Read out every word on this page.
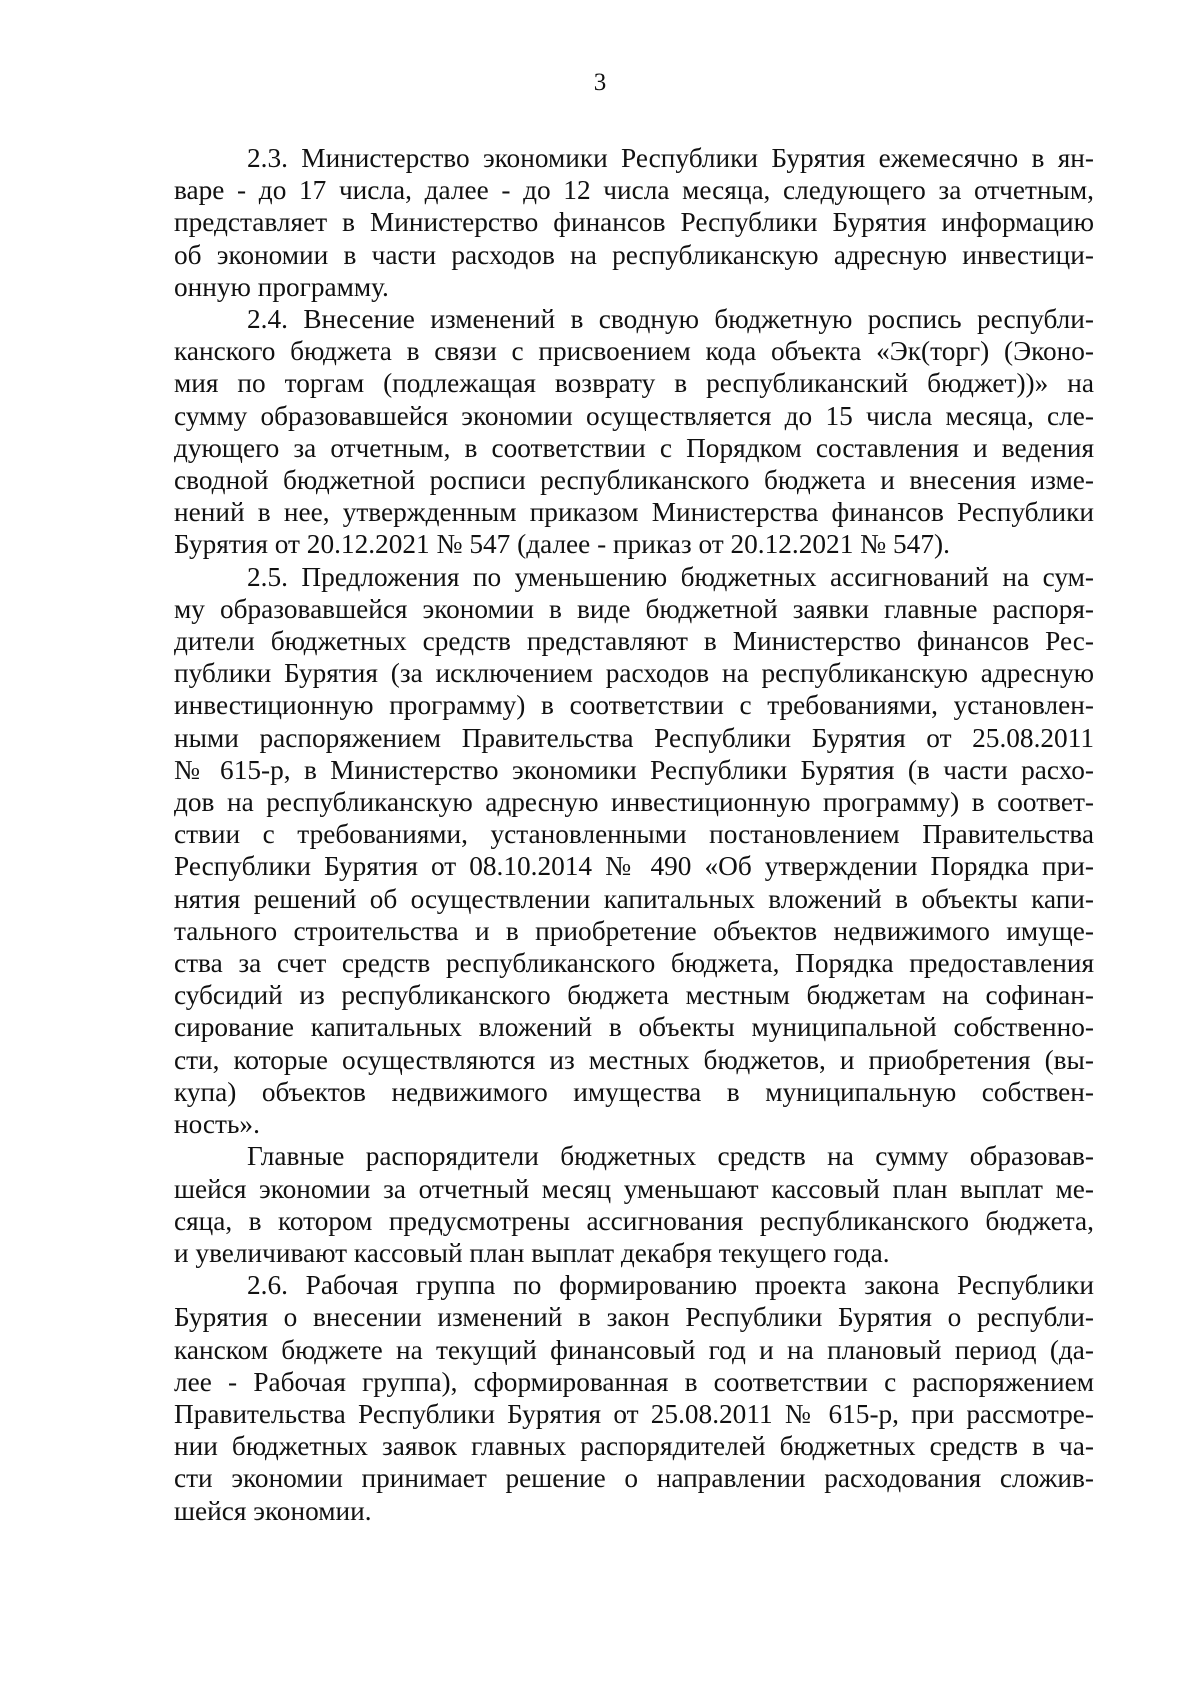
3

2.3. Министерство экономики Республики Бурятия ежемесячно в ян-
варе - до 17 числа, далее - до 12 числа месяца, следующего за отчетным,
представляет в Министерство финансов Республики Бурятия информацию
об экономии в части расходов на республиканскую адресную инвестици-
онную программу.

2.4. Внесение изменений в сводную бюджетную роспись республи-
канского бюджета в связи с присвоением кода объекта «Эк(торг) (Эконо-
мия по торгам (подлежащая возврату в республиканский бюджет))» на
сумму образовавшейся экономии осуществляется до 15 числа месяца, сле-
дующего за отчетным, в соответствии с Порядком составления и ведения
сводной бюджетной росписи республиканского бюджета и внесения изме-
нений в нее, утвержденным приказом Министерства финансов Республики
Бурятия от 20.12.2021 № 547 (далее - приказ от 20.12.2021 № 547).

2.5. Предложения по уменьшению бюджетных ассигнований на сум-
му образовавшейся экономии в виде бюджетной заявки главные распоря-
дители бюджетных средств представляют в Министерство финансов Рес-
публики Бурятия (за исключением расходов на республиканскую адресную
инвестиционную программу) в соответствии с требованиями, установлен-
ными распоряжением Правительства Республики Бурятия от 25.08.2011
№ 615-р, в Министерство экономики Республики Бурятия (в части расхо-
дов на республиканскую адресную инвестиционную программу) в соответ-
ствии с требованиями, установленными постановлением Правительства
Республики Бурятия от 08.10.2014 № 490 «Об утверждении Порядка при-
нятия решений об осуществлении капитальных вложений в объекты капи-
тального строительства и в приобретение объектов недвижимого имуще-
ства за счет средств республиканского бюджета, Порядка предоставления
субсидий из республиканского бюджета местным бюджетам на софинан-
сирование капитальных вложений в объекты муниципальной собственно-
сти, которые осуществляются из местных бюджетов, и приобретения (вы-
купа) объектов недвижимого имущества в муниципальную собствен-
ность».

Главные распорядители бюджетных средств на сумму образовав-
шейся экономии за отчетный месяц уменьшают кассовый план выплат ме-
сяца, в котором предусмотрены ассигнования республиканского бюджета,
и увеличивают кассовый план выплат декабря текущего года.

2.6. Рабочая группа по формированию проекта закона Республики
Бурятия о внесении изменений в закон Республики Бурятия о республи-
канском бюджете на текущий финансовый год и на плановый период (да-
лее - Рабочая группа), сформированная в соответствии с распоряжением
Правительства Республики Бурятия от 25.08.2011 № 615-р, при рассмотре-
нии бюджетных заявок главных распорядителей бюджетных средств в ча-
сти экономии принимает решение о направлении расходования сложив-
шейся экономии.
